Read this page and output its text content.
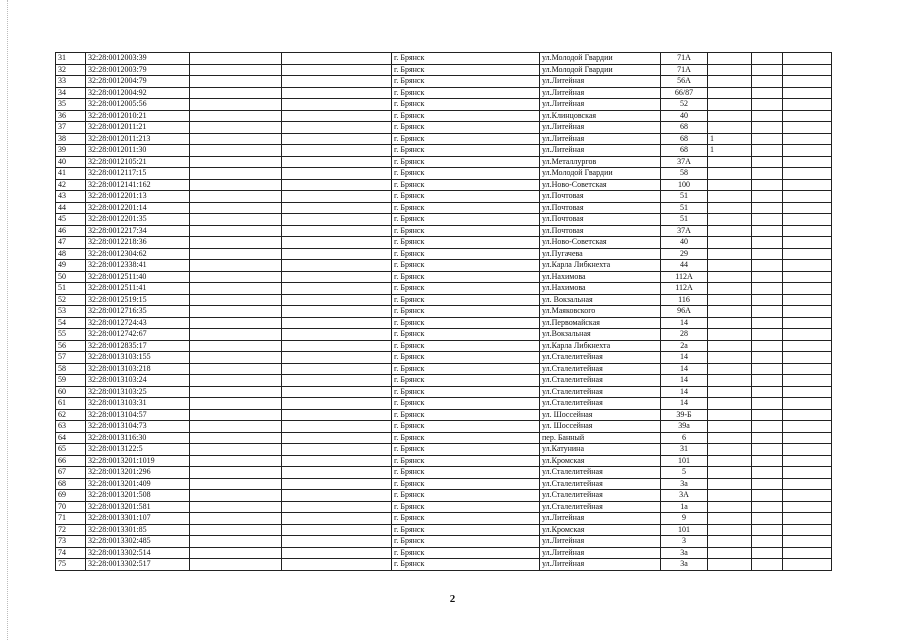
31	32:28:0012003:39			г. Брянск	ул.Молодой Гвардии	71А			
32	32:28:0012003:79			г. Брянск	ул.Молодой Гвардии	71А			
33	32:28:0012004:79			г. Брянск	ул.Литейная	56А			
34	32:28:0012004:92			г. Брянск	ул.Литейная	66/87			
35	32:28:0012005:56			г. Брянск	ул.Литейная	52			
36	32:28:0012010:21			г. Брянск	ул.Клинцовская	40			
37	32:28:0012011:21			г. Брянск	ул.Литейная	68			
38	32:28:0012011:213			г. Брянск	ул.Литейная	68	1		
39	32:28:0012011:30			г. Брянск	ул.Литейная	68	1		
40	32:28:0012105:21			г. Брянск	ул.Металлургов	37А			
41	32:28:0012117:15			г. Брянск	ул.Молодой Гвардии	58			
42	32:28:0012141:162			г. Брянск	ул.Ново-Советская	100			
43	32:28:0012201:13			г. Брянск	ул.Почтовая	51			
44	32:28:0012201:14			г. Брянск	ул.Почтовая	51			
45	32:28:0012201:35			г. Брянск	ул.Почтовая	51			
46	32:28:0012217:34			г. Брянск	ул.Почтовая	37А			
47	32:28:0012218:36			г. Брянск	ул.Ново-Советская	40			
48	32:28:0012304:62			г. Брянск	ул.Пугачева	29			
49	32:28:0012338:41			г. Брянск	ул.Карла Либкнехта	44			
50	32:28:0012511:40			г. Брянск	ул.Нахимова	112А			
51	32:28:0012511:41			г. Брянск	ул.Нахимова	112А			
52	32:28:0012519:15			г. Брянск	ул. Вокзальная	116			
53	32:28:0012716:35			г. Брянск	ул.Маяковского	96А			
54	32:28:0012724:43			г. Брянск	ул.Первомайская	14			
55	32:28:0012742:67			г. Брянск	ул.Вокзальная	28			
56	32:28:0012835:17			г. Брянск	ул.Карла Либкнехта	2а			
57	32:28:0013103:155			г. Брянск	ул.Сталелитейная	14			
58	32:28:0013103:218			г. Брянск	ул.Сталелитейная	14			
59	32:28:0013103:24			г. Брянск	ул.Сталелитейная	14			
60	32:28:0013103:25			г. Брянск	ул.Сталелитейная	14			
61	32:28:0013103:31			г. Брянск	ул.Сталелитейная	14			
62	32:28:0013104:57			г. Брянск	ул. Шоссейная	39-Б			
63	32:28:0013104:73			г. Брянск	ул. Шоссейная	39а			
64	32:28:0013116:30			г. Брянск	пер. Банный	6			
65	32:28:0013122:5			г. Брянск	ул.Катунина	31			
66	32:28:0013201:1019			г. Брянск	ул.Кромская	101			
67	32:28:0013201:296			г. Брянск	ул.Сталелитейная	5			
68	32:28:0013201:409			г. Брянск	ул.Сталелитейная	3а			
69	32:28:0013201:508			г. Брянск	ул.Сталелитейная	3А			
70	32:28:0013201:581			г. Брянск	ул.Сталелитейная	1а			
71	32:28:0013301:107			г. Брянск	ул.Литейная	9			
72	32:28:0013301:85			г. Брянск	ул.Кромская	101			
73	32:28:0013302:485			г. Брянск	ул.Литейная	3			
74	32:28:0013302:514			г. Брянск	ул.Литейная	3а			
75	32:28:0013302:517			г. Брянск	ул.Литейная	3а			
2
